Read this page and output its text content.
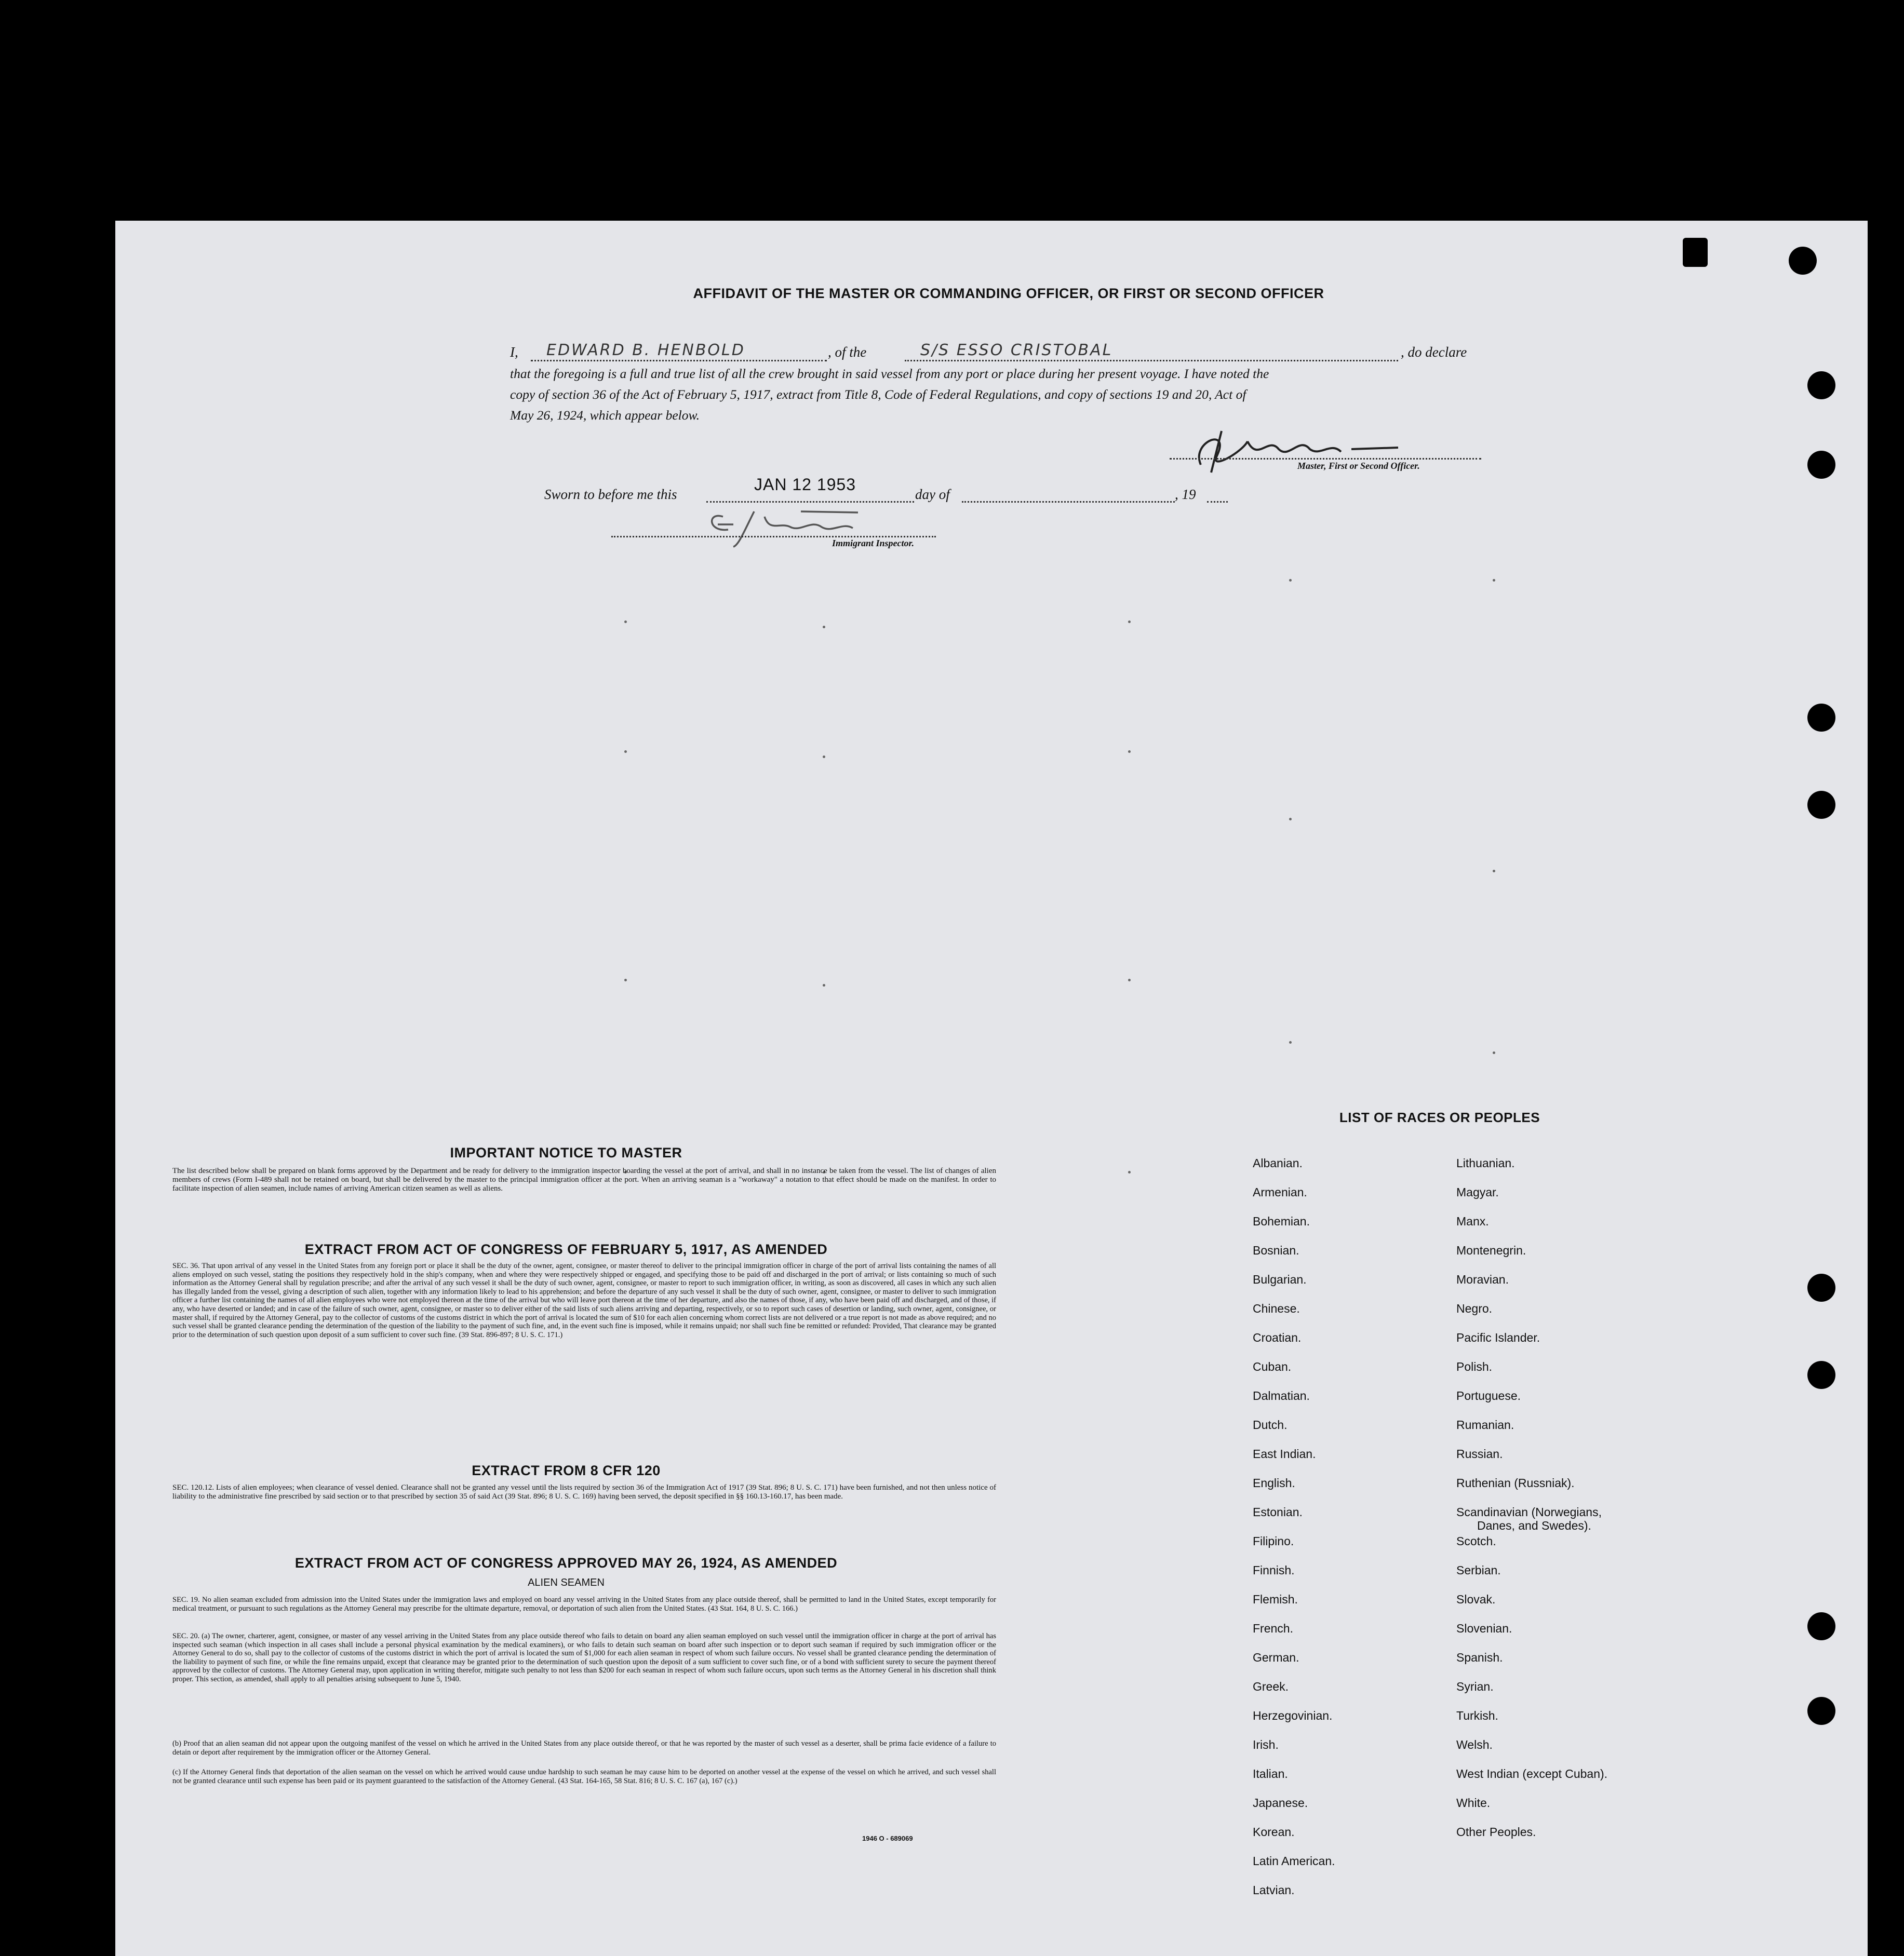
AFFIDAVIT OF THE MASTER OR COMMANDING OFFICER, OR FIRST OR SECOND OFFICER
I, EDWARD B. HENBOLD	, of the	S/S ESSO CRISTOBAL	, do declare
that the foregoing is a full and true list of all the crew brought in said vessel from any port or place during her present voyage. I have noted the
copy of section 36 of the Act of February 5, 1917, extract from Title 8, Code of Federal Regulations, and copy of sections 19 and 20, Act of
May 26, 1924, which appear below.
Master, First or Second Officer.
Sworn to before me this
JAN 12 1953
day of	, 19
Immigrant Inspector.
IMPORTANT NOTICE TO MASTER
The list described below shall be prepared on blank forms approved by the Department and be ready for delivery to the immigration inspector boarding the vessel at the port of arrival, and shall in no instance be taken from the vessel. The list of changes of alien members of crews (Form I-489 shall not be retained on board, but shall be delivered by the master to the principal immigration officer at the port. When an arriving seaman is a "workaway" a notation to that effect should be made on the manifest. In order to facilitate inspection of alien seamen, include names of arriving American citizen seamen as well as aliens.
EXTRACT FROM ACT OF CONGRESS OF FEBRUARY 5, 1917, AS AMENDED
SEC. 36. That upon arrival of any vessel in the United States from any foreign port or place it shall be the duty of the owner, agent, consignee, or master thereof to deliver to the principal immigration officer in charge of the port of arrival lists containing the names of all aliens employed on such vessel, stating the positions they respectively hold in the ship's company, when and where they were respectively shipped or engaged, and specifying those to be paid off and discharged in the port of arrival; or lists containing so much of such information as the Attorney General shall by regulation prescribe; and after the arrival of any such vessel it shall be the duty of such owner, agent, consignee, or master to report to such immigration officer, in writing, as soon as discovered, all cases in which any such alien has illegally landed from the vessel, giving a description of such alien, together with any information likely to lead to his apprehension; and before the departure of any such vessel it shall be the duty of such owner, agent, consignee, or master to deliver to such immigration officer a further list containing the names of all alien employees who were not employed thereon at the time of the arrival but who will leave port thereon at the time of her departure, and also the names of those, if any, who have been paid off and discharged, and of those, if any, who have deserted or landed; and in case of the failure of such owner, agent, consignee, or master so to deliver either of the said lists of such aliens arriving and departing, respectively, or so to report such cases of desertion or landing, such owner, agent, consignee, or master shall, if required by the Attorney General, pay to the collector of customs of the customs district in which the port of arrival is located the sum of $10 for each alien concerning whom correct lists are not delivered or a true report is not made as above required; and no such vessel shall be granted clearance pending the determination of the question of the liability to the payment of such fine, and, in the event such fine is imposed, while it remains unpaid; nor shall such fine be remitted or refunded: Provided, That clearance may be granted prior to the determination of such question upon deposit of a sum sufficient to cover such fine. (39 Stat. 896-897; 8 U. S. C. 171.)
EXTRACT FROM 8 CFR 120
SEC. 120.12. Lists of alien employees; when clearance of vessel denied. Clearance shall not be granted any vessel until the lists required by section 36 of the Immigration Act of 1917 (39 Stat. 896; 8 U. S. C. 171) have been furnished, and not then unless notice of liability to the administrative fine prescribed by said section or to that prescribed by section 35 of said Act (39 Stat. 896; 8 U. S. C. 169) having been served, the deposit specified in §§ 160.13-160.17, has been made.
EXTRACT FROM ACT OF CONGRESS APPROVED MAY 26, 1924, AS AMENDED
ALIEN SEAMEN
SEC. 19. No alien seaman excluded from admission into the United States under the immigration laws and employed on board any vessel arriving in the United States from any place outside thereof, shall be permitted to land in the United States, except temporarily for medical treatment, or pursuant to such regulations as the Attorney General may prescribe for the ultimate departure, removal, or deportation of such alien from the United States. (43 Stat. 164, 8 U. S. C. 166.)
SEC. 20. (a) The owner, charterer, agent, consignee, or master of any vessel arriving in the United States from any place outside thereof who fails to detain on board any alien seaman employed on such vessel until the immigration officer in charge at the port of arrival has inspected such seaman (which inspection in all cases shall include a personal physical examination by the medical examiners), or who fails to detain such seaman on board after such inspection or to deport such seaman if required by such immigration officer or the Attorney General to do so, shall pay to the collector of customs of the customs district in which the port of arrival is located the sum of $1,000 for each alien seaman in respect of whom such failure occurs. No vessel shall be granted clearance pending the determination of the liability to payment of such fine, or while the fine remains unpaid, except that clearance may be granted prior to the determination of such question upon the deposit of a sum sufficient to cover such fine, or of a bond with sufficient surety to secure the payment thereof approved by the collector of customs. The Attorney General may, upon application in writing therefor, mitigate such penalty to not less than $200 for each seaman in respect of whom such failure occurs, upon such terms as the Attorney General in his discretion shall think proper. This section, as amended, shall apply to all penalties arising subsequent to June 5, 1940.
(b) Proof that an alien seaman did not appear upon the outgoing manifest of the vessel on which he arrived in the United States from any place outside thereof, or that he was reported by the master of such vessel as a deserter, shall be prima facie evidence of a failure to detain or deport after requirement by the immigration officer or the Attorney General.
(c) If the Attorney General finds that deportation of the alien seaman on the vessel on which he arrived would cause undue hardship to such seaman he may cause him to be deported on another vessel at the expense of the vessel on which he arrived, and such vessel shall not be granted clearance until such expense has been paid or its payment guaranteed to the satisfaction of the Attorney General. (43 Stat. 164-165, 58 Stat. 816; 8 U. S. C. 167 (a), 167 (c).)
1946 O - 689069
LIST OF RACES OR PEOPLES
Albanian.
Armenian.
Bohemian.
Bosnian.
Bulgarian.
Chinese.
Croatian.
Cuban.
Dalmatian.
Dutch.
East Indian.
English.
Estonian.
Filipino.
Finnish.
Flemish.
French.
German.
Greek.
Herzegovinian.
Irish.
Italian.
Japanese.
Korean.
Latin American.
Latvian.
Lithuanian.
Magyar.
Manx.
Montenegrin.
Moravian.
Negro.
Pacific Islander.
Polish.
Portuguese.
Rumanian.
Russian.
Ruthenian (Russniak).
Scandinavian (Norwegians,
Danes, and Swedes).
Scotch.
Serbian.
Slovak.
Slovenian.
Spanish.
Syrian.
Turkish.
Welsh.
West Indian (except Cuban).
White.
Other Peoples.
